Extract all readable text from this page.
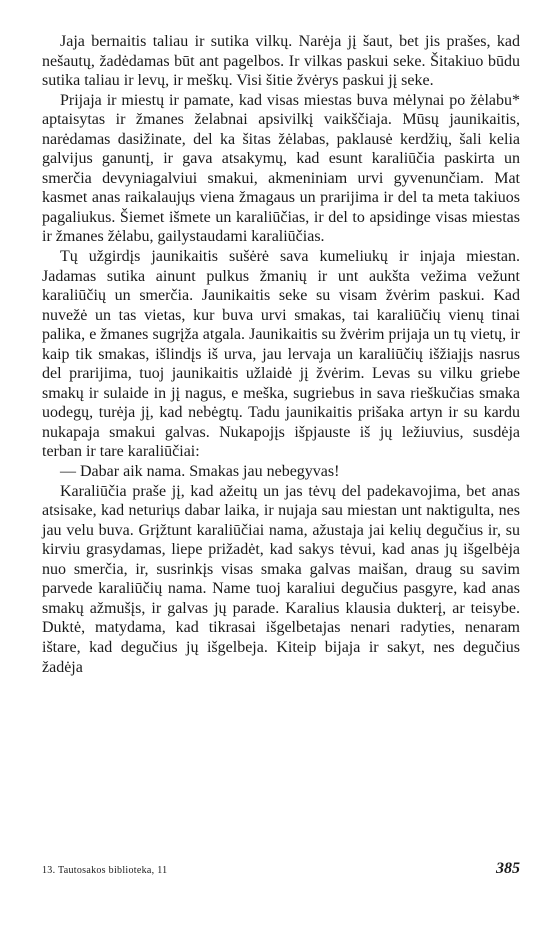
Jaja bernaitis taliau ir sutika vilkų. Narėja jį šaut, bet jis prašes, kad nešautų, žadėdamas būt ant pagelbos. Ir vilkas paskui seke. Šitakiuo būdu sutika taliau ir levų, ir meškų. Visi šitie žvėrys paskui jį seke.

Prijaja ir miestų ir pamate, kad visas miestas buva mėlynai po žėlabu* aptaisytas ir žmanes želabnai apsivilkį vaikščiaja. Mūsų jaunikaitis, narėdamas dasižinate, del ka šitas žėlabas, paklausė kerdžių, šali kelia galvijus ganuntį, ir gava atsakymų, kad esunt karaliūčia paskirta un smerčia devyniagalviui smakui, akmeniniam urvi gyvenunčiam. Mat kasmet anas raikalaujųs viena žmagaus un prarijima ir del ta meta takiuos pagaliukus. Šiemet išmete un karaliūčias, ir del to apsidinge visas miestas ir žmanes žėlabu, gailystaudami karaliūčias.

Tų užgirdįs jaunikaitis sušėrė sava kumeliukų ir injaja miestan. Jadamas sutika ainunt pulkus žmanių ir unt aukšta vežima vežunt karaliūčių un smerčia. Jaunikaitis seke su visam žvėrim paskui. Kad nuvežė un tas vietas, kur buva urvi smakas, tai karaliūčių vienų tinai palika, e žmanes sugrįža atgala. Jaunikaitis su žvėrim prijaja un tų vietų, ir kaip tik smakas, išlindįs iš urva, jau lervaja un karaliūčių išžiajįs nasrus del prarijima, tuoj jaunikaitis užlaidė jį žvėrim. Levas su vilku griebe smakų ir sulaide in jį nagus, e meška, sugriebus in sava rieškučias smaka uodegų, turėja jį, kad nebėgtų. Tadu jaunikaitis prišaka artyn ir su kardu nukapaja smakui galvas. Nukapojįs išpjauste iš jų ležiuvius, susdėja terban ir tare karaliūčiai:

— Dabar aik nama. Smakas jau nebegyvas!

Karaliūčia praše jį, kad ažeitų un jas tėvų del padekavojima, bet anas atsisake, kad neturiųs dabar laika, ir nujaja sau miestan unt naktigulta, nes jau velu buva. Grįžtunt karaliūčiai nama, ažustaja jai kelių degučius ir, su kirviu grasydamas, liepe prižadėt, kad sakys tėvui, kad anas jų išgelbėja nuo smerčia, ir, susrinkįs visas smaka galvas maišan, draug su savim parvede karaliūčių nama. Name tuoj karaliui degučius pasgyre, kad anas smakų ažmušįs, ir galvas jų parade. Karalius klausia dukterį, ar teisybe. Duktė, matydama, kad tikrasai išgelbetajas nenari radyties, nenaram ištare, kad degučius jų išgelbeja. Kiteip bijaja ir sakyt, nes degučius žadėja

13. Tautosakos biblioteka, 11	385
